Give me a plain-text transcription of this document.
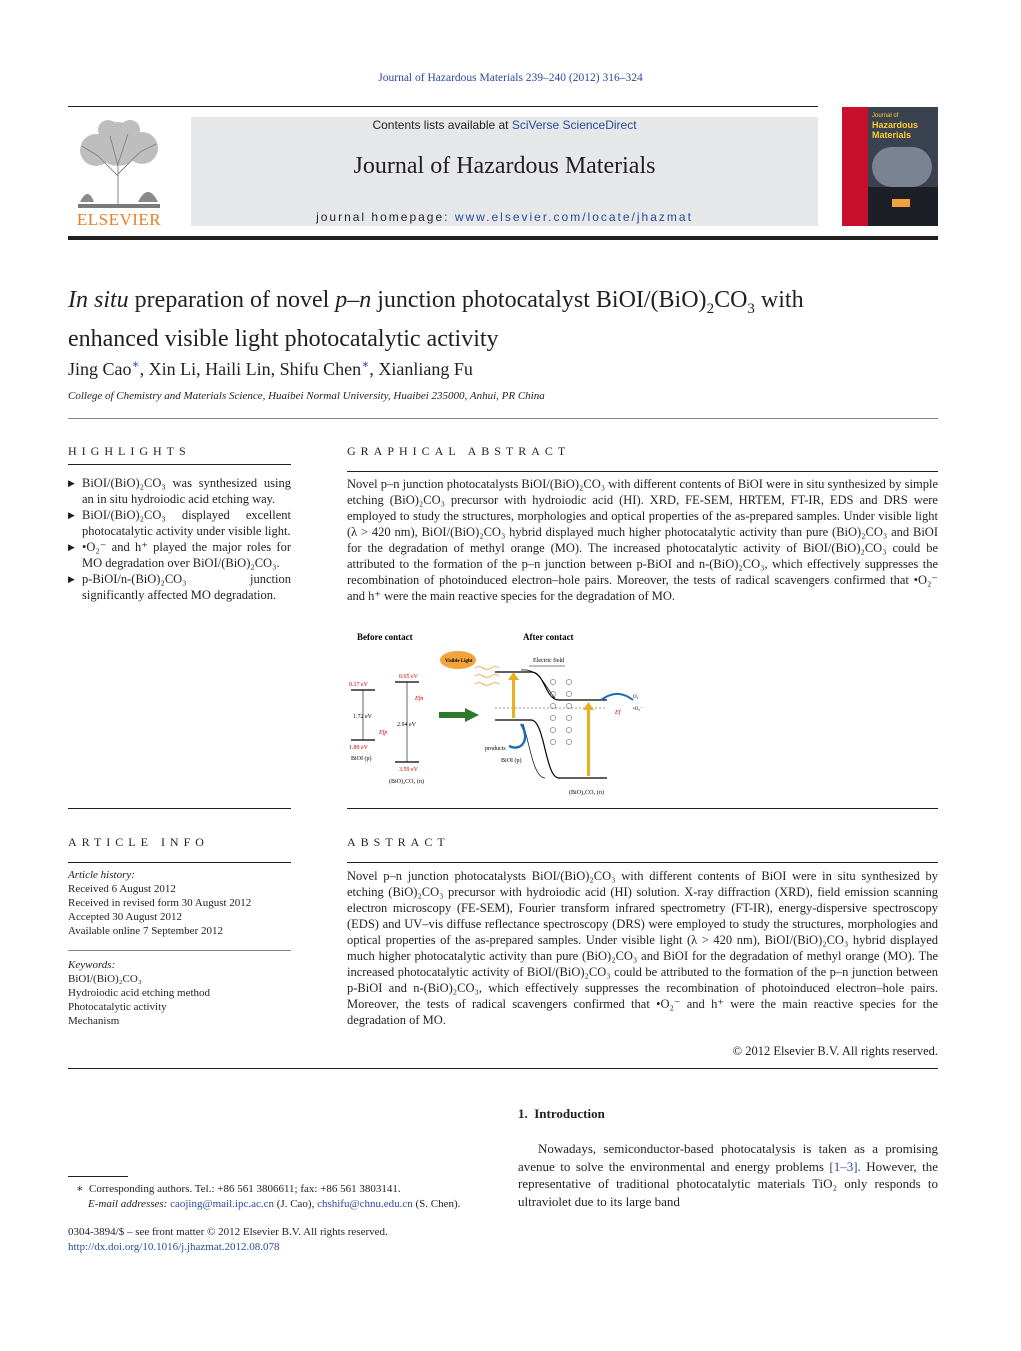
Journal of Hazardous Materials 239–240 (2012) 316–324
ELSEVIER
Contents lists available at SciVerse ScienceDirect
Journal of Hazardous Materials
journal homepage: www.elsevier.com/locate/jhazmat
Journal of
Hazardous Materials
In situ preparation of novel p–n junction photocatalyst BiOI/$(BiO)_2CO_3$ with
enhanced visible light photocatalytic activity
Jing Cao∗, Xin Li, Haili Lin, Shifu Chen∗, Xianliang Fu
College of Chemistry and Materials Science, Huaibei Normal University, Huaibei 235000, Anhui, PR China
HIGHLIGHTS
▶ BiOI/(BiO)₂CO₃ was synthesized using an in situ hydroiodic acid etching way.
▶ BiOI/(BiO)₂CO₃ displayed excellent photocatalytic activity under visible light.
▶ •O₂⁻ and h⁺ played the major roles for MO degradation over BiOI/(BiO)₂CO₃.
▶ p-BiOI/n-(BiO)₂CO₃ junction significantly affected MO degradation.
GRAPHICAL ABSTRACT
Novel p–n junction photocatalysts BiOI/(BiO)₂CO₃ with different contents of BiOI were in situ synthesized by simple etching (BiO)₂CO₃ precursor with hydroiodic acid (HI). XRD, FE-SEM, HRTEM, FT-IR, EDS and DRS were employed to study the structures, morphologies and optical properties of the as-prepared samples. Under visible light (λ > 420 nm), BiOI/(BiO)₂CO₃ hybrid displayed much higher photocatalytic activity than pure (BiO)₂CO₃ and BiOI for the degradation of methyl orange (MO). The increased photocatalytic activity of BiOI/(BiO)₂CO₃ could be attributed to the formation of the p–n junction between p-BiOI and n-(BiO)₂CO₃, which effectively suppresses the recombination of photoinduced electron–hole pairs. Moreover, the tests of radical scavengers confirmed that •O₂⁻ and h⁺ were the main reactive species for the degradation of MO.
Before contact	After contact
0.17 eV
1.72 eV
Efp
1.89 eV
BiOI (p)
0.65 eV
Efn
2.94 eV
3.59 eV
(BiO)₂CO₃ (n)
Visible Light	Electric field
Ef
O₂
•O₂⁻
products
BiOI (p)
(BiO)₂CO₃ (n)
ARTICLE INFO
Article history:
Received 6 August 2012
Received in revised form 30 August 2012
Accepted 30 August 2012
Available online 7 September 2012
Keywords:
BiOI/(BiO)₂CO₃
Hydroiodic acid etching method
Photocatalytic activity
Mechanism
ABSTRACT
Novel p–n junction photocatalysts BiOI/(BiO)₂CO₃ with different contents of BiOI were in situ synthesized by etching (BiO)₂CO₃ precursor with hydroiodic acid (HI) solution. X-ray diffraction (XRD), field emission scanning electron microscopy (FE-SEM), Fourier transform infrared spectrometry (FT-IR), energy-dispersive spectroscopy (EDS) and UV–vis diffuse reflectance spectroscopy (DRS) were employed to study the structures, morphologies and optical properties of the as-prepared samples. Under visible light (λ > 420 nm), BiOI/(BiO)₂CO₃ hybrid displayed much higher photocatalytic activity than pure (BiO)₂CO₃ and BiOI for the degradation of methyl orange (MO). The increased photocatalytic activity of BiOI/(BiO)₂CO₃ could be attributed to the formation of the p–n junction between p-BiOI and n-(BiO)₂CO₃, which effectively suppresses the recombination of photoinduced electron–hole pairs. Moreover, the tests of radical scavengers confirmed that •O₂⁻ and h⁺ were the main reactive species for the degradation of MO.
© 2012 Elsevier B.V. All rights reserved.
1.  Introduction
Nowadays, semiconductor-based photocatalysis is taken as a promising avenue to solve the environmental and energy problems [1–3]. However, the representative of traditional photocatalytic materials TiO₂ only responds to ultraviolet due to its large band
∗ Corresponding authors. Tel.: +86 561 3806611; fax: +86 561 3803141.
E-mail addresses: caojing@mail.ipc.ac.cn (J. Cao), chshifu@chnu.edu.cn (S. Chen).
0304-3894/$ – see front matter © 2012 Elsevier B.V. All rights reserved.
http://dx.doi.org/10.1016/j.jhazmat.2012.08.078
